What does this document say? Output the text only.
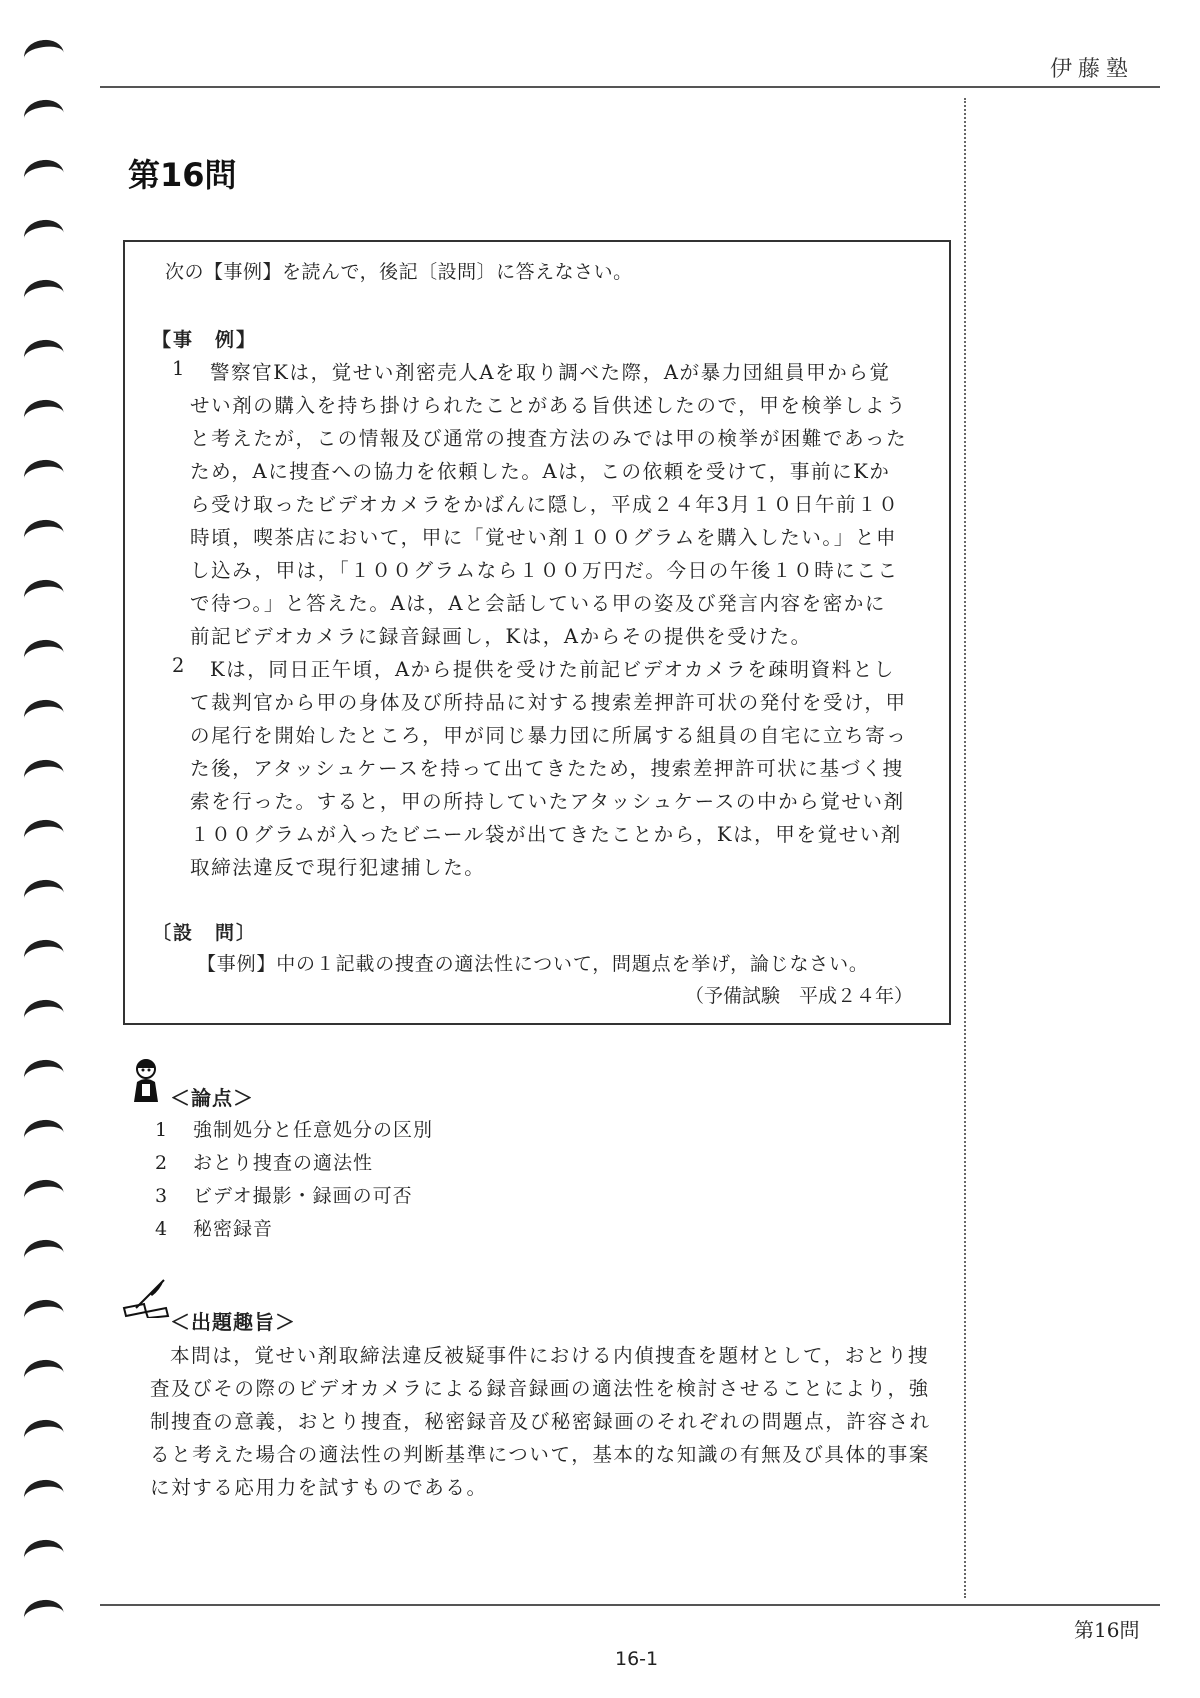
伊藤塾
第16問
次の【事例】を読んで，後記〔設問〕に答えなさい。
【事　例】
1 警察官Kは，覚せい剤密売人Aを取り調べた際，Aが暴力団組員甲から覚
せい剤の購入を持ち掛けられたことがある旨供述したので，甲を検挙しよう
と考えたが，この情報及び通常の捜査方法のみでは甲の検挙が困難であった
ため，Aに捜査への協力を依頼した。Aは，この依頼を受けて，事前にKか
ら受け取ったビデオカメラをかばんに隠し，平成２４年3月１０日午前１０
時頃，喫茶店において，甲に「覚せい剤１００グラムを購入したい。」と申
し込み，甲は，「１００グラムなら１００万円だ。今日の午後１０時にここ
で待つ。」と答えた。Aは，Aと会話している甲の姿及び発言内容を密かに
前記ビデオカメラに録音録画し，Kは，Aからその提供を受けた。
2 Kは，同日正午頃，Aから提供を受けた前記ビデオカメラを疎明資料とし
て裁判官から甲の身体及び所持品に対する捜索差押許可状の発付を受け，甲
の尾行を開始したところ，甲が同じ暴力団に所属する組員の自宅に立ち寄っ
た後，アタッシュケースを持って出てきたため，捜索差押許可状に基づく捜
索を行った。すると，甲の所持していたアタッシュケースの中から覚せい剤
１００グラムが入ったビニール袋が出てきたことから，Kは，甲を覚せい剤
取締法違反で現行犯逮捕した。
〔設　問〕
【事例】中の１記載の捜査の適法性について，問題点を挙げ，論じなさい。
（予備試験　平成２４年）
＜論点＞
1 強制処分と任意処分の区別
2 おとり捜査の適法性
3 ビデオ撮影・録画の可否
4 秘密録音
＜出題趣旨＞
本問は，覚せい剤取締法違反被疑事件における内偵捜査を題材として，おとり捜
査及びその際のビデオカメラによる録音録画の適法性を検討させることにより，強
制捜査の意義，おとり捜査，秘密録音及び秘密録画のそれぞれの問題点，許容され
ると考えた場合の適法性の判断基準について，基本的な知識の有無及び具体的事案
に対する応用力を試すものである。
第16問
16-1
